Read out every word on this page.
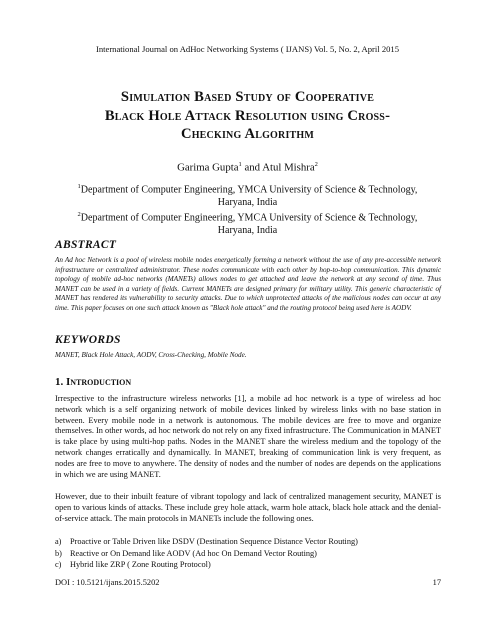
International Journal on AdHoc Networking Systems ( IJANS) Vol. 5, No. 2, April 2015
Simulation Based Study of Cooperative
Black Hole Attack Resolution using Cross-
Checking Algorithm
Garima Gupta$^1$ and Atul Mishra$^2$
$^1$Department of Computer Engineering, YMCA University of Science & Technology,
Haryana, India
$^2$Department of Computer Engineering, YMCA University of Science & Technology,
Haryana, India
ABSTRACT
An Ad hoc Network is a pool of wireless mobile nodes energetically forming a network without the use of any pre-accessible network infrastructure or centralized administrator. These nodes communicate with each other by hop-to-hop communication. This dynamic topology of mobile ad-hoc networks (MANETs) allows nodes to get attached and leave the network at any second of time. Thus MANET can be used in a variety of fields. Current MANETs are designed primary for military utility. This generic characteristic of MANET has rendered its vulnerability to security attacks. Due to which unprotected attacks of the malicious nodes can occur at any time. This paper focuses on one such attack known as "Black hole attack" and the routing protocol being used here is AODV.
KEYWORDS
MANET, Black Hole Attack, AODV, Cross-Checking, Mobile Node.
1. Introduction
Irrespective to the infrastructure wireless networks [1], a mobile ad hoc network is a type of wireless ad hoc network which is a self organizing network of mobile devices linked by wireless links with no base station in between. Every mobile node in a network is autonomous. The mobile devices are free to move and organize themselves. In other words, ad hoc network do not rely on any fixed infrastructure. The Communication in MANET is take place by using multi-hop paths. Nodes in the MANET share the wireless medium and the topology of the network changes erratically and dynamically. In MANET, breaking of communication link is very frequent, as nodes are free to move to anywhere. The density of nodes and the number of nodes are depends on the applications in which we are using MANET.
However, due to their inbuilt feature of vibrant topology and lack of centralized management security, MANET is open to various kinds of attacks. These include grey hole attack, warm hole attack, black hole attack and the denial-of-service attack. The main protocols in MANETs include the following ones.
a)	Proactive or Table Driven like DSDV (Destination Sequence Distance Vector Routing)
b) Reactive or On Demand like AODV (Ad hoc On Demand Vector Routing)
c)	Hybrid like ZRP ( Zone Routing Protocol)
DOI : 10.5121/ijans.2015.5202	17
